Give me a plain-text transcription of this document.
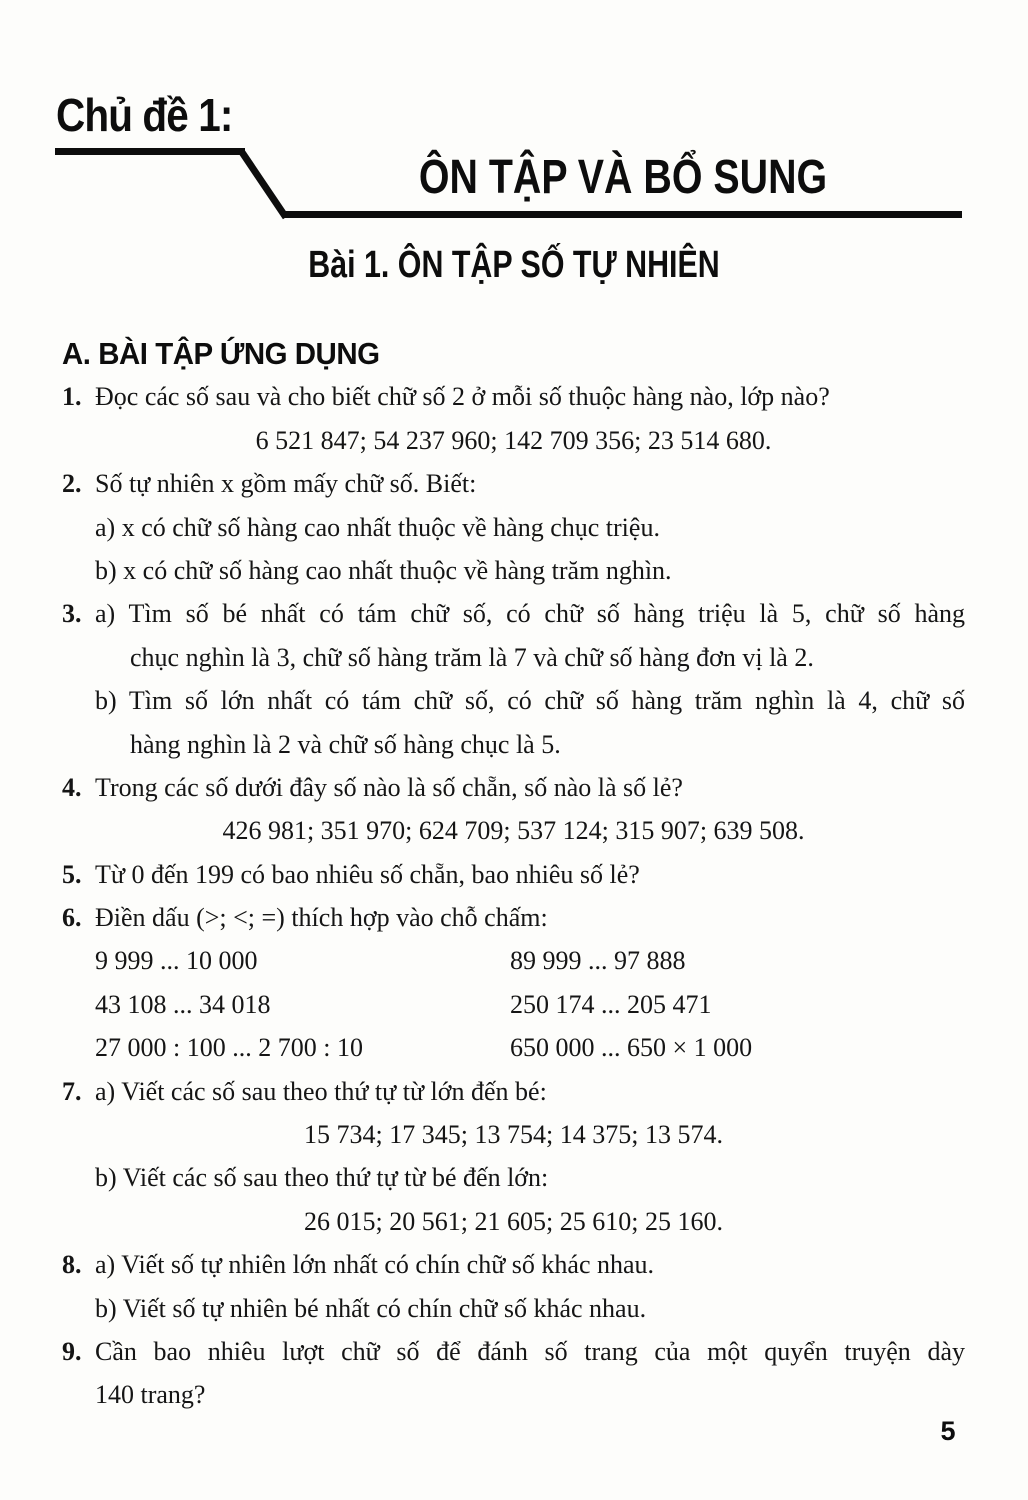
Chủ đề 1:
ÔN TẬP VÀ BỔ SUNG
Bài 1. ÔN TẬP SỐ TỰ NHIÊN
A. BÀI TẬP ỨNG DỤNG
1. Đọc các số sau và cho biết chữ số 2 ở mỗi số thuộc hàng nào, lớp nào?
6 521 847; 54 237 960; 142 709 356; 23 514 680.
2. Số tự nhiên x gồm mấy chữ số. Biết:
a) x có chữ số hàng cao nhất thuộc về hàng chục triệu.
b) x có chữ số hàng cao nhất thuộc về hàng trăm nghìn.
3. a) Tìm số bé nhất có tám chữ số, có chữ số hàng triệu là 5, chữ số hàng
chục nghìn là 3, chữ số hàng trăm là 7 và chữ số hàng đơn vị là 2.
b) Tìm số lớn nhất có tám chữ số, có chữ số hàng trăm nghìn là 4, chữ số
hàng nghìn là 2 và chữ số hàng chục là 5.
4. Trong các số dưới đây số nào là số chẵn, số nào là số lẻ?
426 981; 351 970; 624 709; 537 124; 315 907; 639 508.
5. Từ 0 đến 199 có bao nhiêu số chẵn, bao nhiêu số lẻ?
6. Điền dấu (>; <; =) thích hợp vào chỗ chấm:
9 999 ... 10 000	89 999 ... 97 888
43 108 ... 34 018	250 174 ... 205 471
27 000 : 100 ... 2 700 : 10	650 000 ... 650 × 1 000
7. a) Viết các số sau theo thứ tự từ lớn đến bé:
15 734; 17 345; 13 754; 14 375; 13 574.
b) Viết các số sau theo thứ tự từ bé đến lớn:
26 015; 20 561; 21 605; 25 610; 25 160.
8. a) Viết số tự nhiên lớn nhất có chín chữ số khác nhau.
b) Viết số tự nhiên bé nhất có chín chữ số khác nhau.
9. Cần bao nhiêu lượt chữ số để đánh số trang của một quyển truyện dày
140 trang?
5
